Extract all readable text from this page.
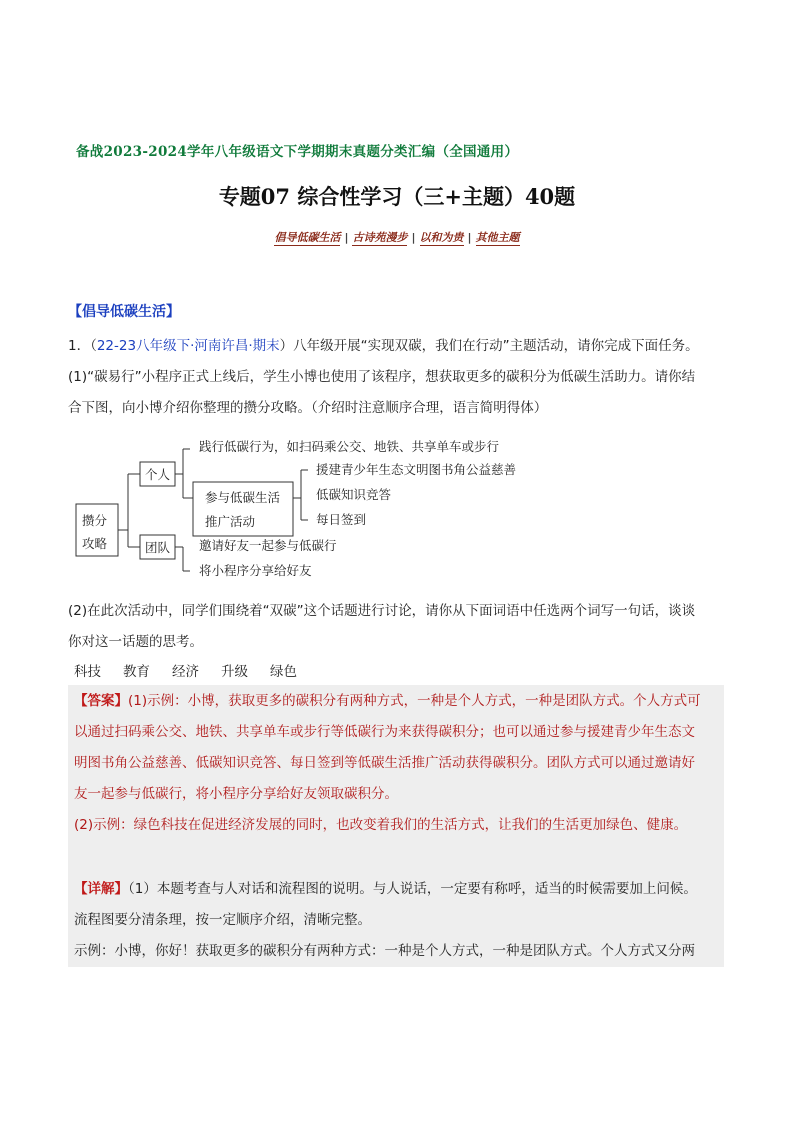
备战2023-2024学年八年级语文下学期期末真题分类汇编（全国通用）
专题07 综合性学习（三+主题）40题
倡导低碳生活 | 古诗苑漫步 | 以和为贵 | 其他主题
【倡导低碳生活】
1．（22-23八年级下·河南许昌·期末）八年级开展“实现双碳，我们在行动”主题活动，请你完成下面任务。
(1)“碳易行”小程序正式上线后，学生小博也使用了该程序，想获取更多的碳积分为低碳生活助力。请你结
合下图，向小博介绍你整理的攒分攻略。（介绍时注意顺序合理，语言简明得体）
攒分
攻略
个人
团队
践行低碳行为，如扫码乘公交、地铁、共享单车或步行
参与低碳生活
推广活动
援建青少年生态文明图书角公益慈善
低碳知识竞答
每日签到
邀请好友一起参与低碳行
将小程序分享给好友
(2)在此次活动中，同学们围绕着“双碳”这个话题进行讨论，请你从下面词语中任选两个词写一句话，谈谈
你对这一话题的思考。
科技 教育 经济 升级 绿色
【答案】(1)示例：小博，获取更多的碳积分有两种方式，一种是个人方式，一种是团队方式。个人方式可
以通过扫码乘公交、地铁、共享单车或步行等低碳行为来获得碳积分；也可以通过参与援建青少年生态文
明图书角公益慈善、低碳知识竞答、每日签到等低碳生活推广活动获得碳积分。团队方式可以通过邀请好
友一起参与低碳行，将小程序分享给好友领取碳积分。
(2)示例：绿色科技在促进经济发展的同时，也改变着我们的生活方式，让我们的生活更加绿色、健康。
【详解】（1）本题考查与人对话和流程图的说明。与人说话，一定要有称呼，适当的时候需要加上问候。
流程图要分清条理，按一定顺序介绍，清晰完整。
示例：小博，你好！获取更多的碳积分有两种方式：一种是个人方式，一种是团队方式。个人方式又分两
